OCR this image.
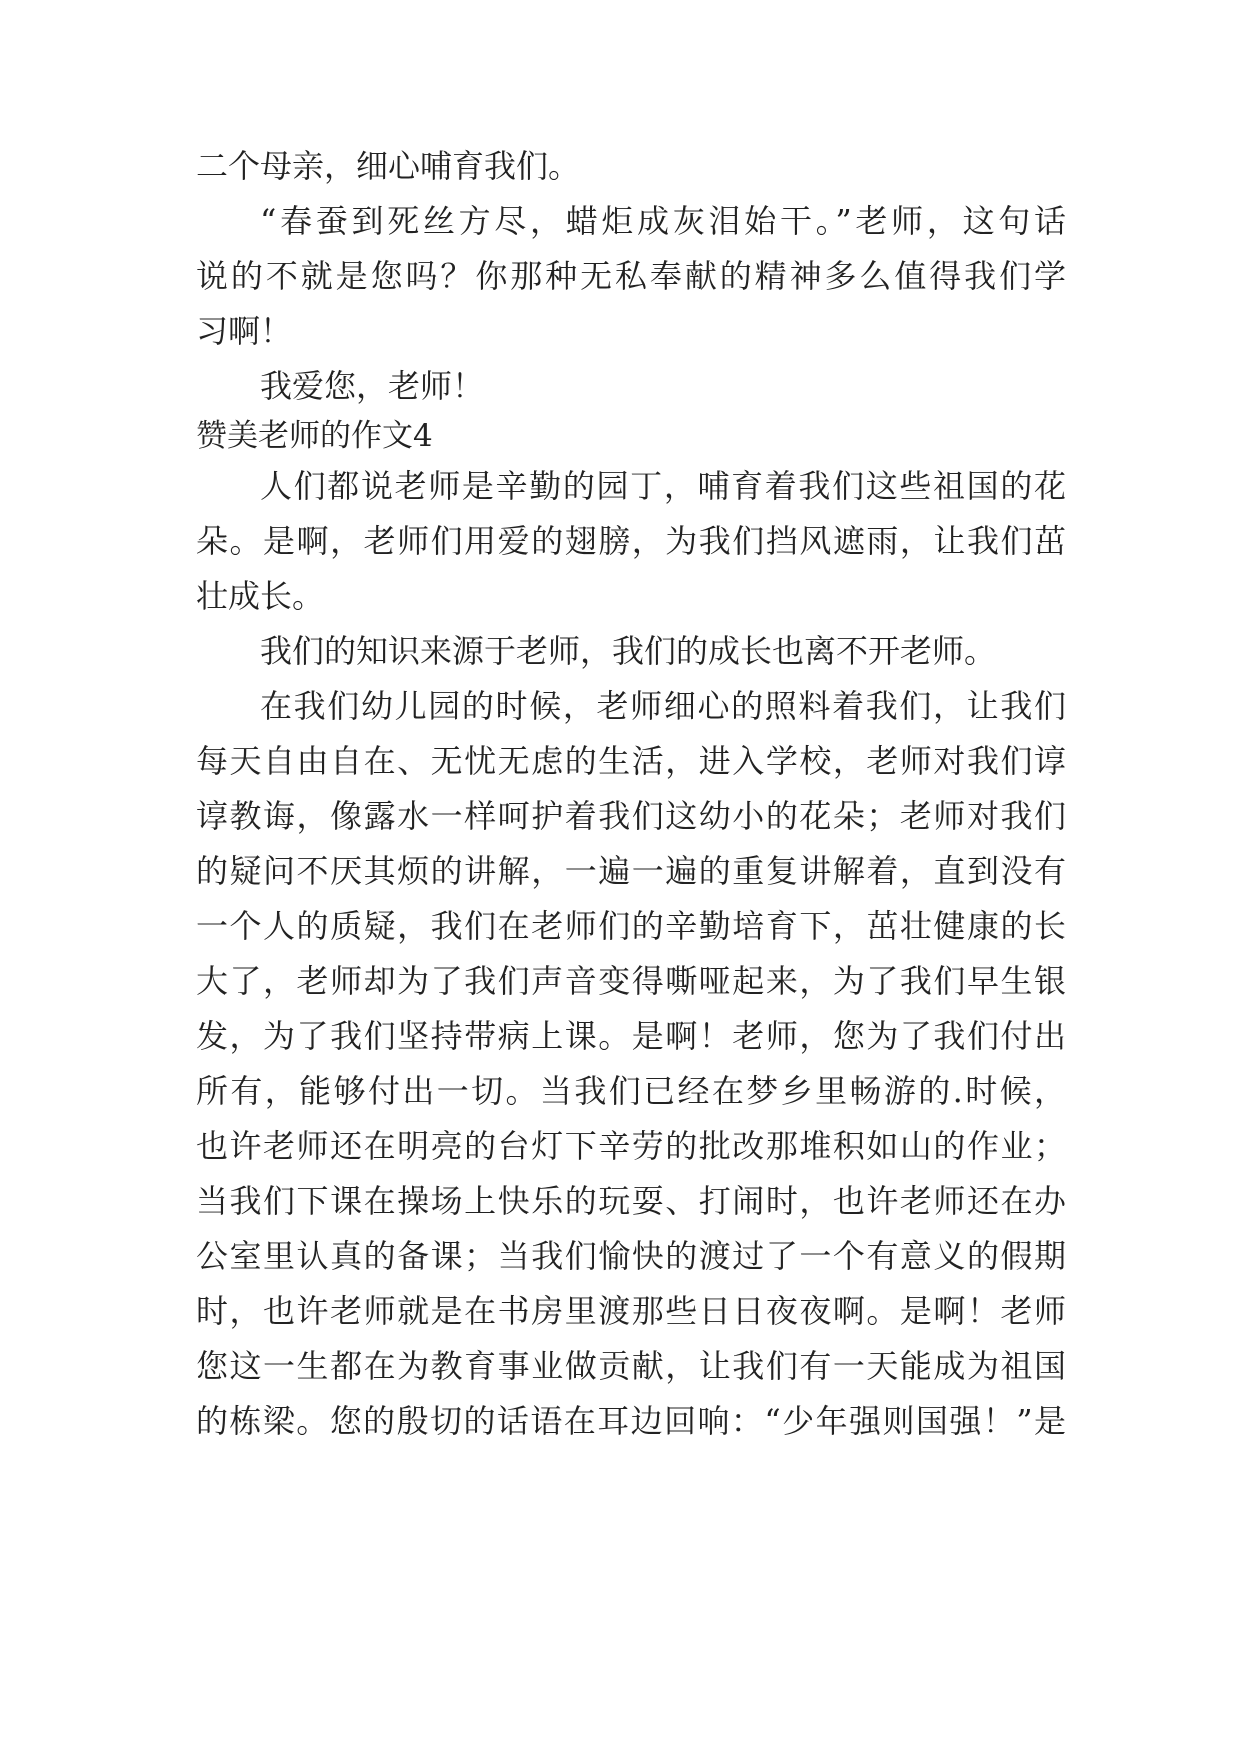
二个母亲，细心哺育我们。
“春蚕到死丝方尽，蜡炬成灰泪始干。”老师，这句话
说的不就是您吗？你那种无私奉献的精神多么值得我们学
习啊！
我爱您，老师！
赞美老师的作文4
人们都说老师是辛勤的园丁，哺育着我们这些祖国的花
朵。是啊，老师们用爱的翅膀，为我们挡风遮雨，让我们茁
壮成长。
我们的知识来源于老师，我们的成长也离不开老师。
在我们幼儿园的时候，老师细心的照料着我们，让我们
每天自由自在、无忧无虑的生活，进入学校，老师对我们谆
谆教诲，像露水一样呵护着我们这幼小的花朵；老师对我们
的疑问不厌其烦的讲解，一遍一遍的重复讲解着，直到没有
一个人的质疑，我们在老师们的辛勤培育下，茁壮健康的长
大了，老师却为了我们声音变得嘶哑起来，为了我们早生银
发，为了我们坚持带病上课。是啊！老师，您为了我们付出
所有，能够付出一切。当我们已经在梦乡里畅游的.时候，
也许老师还在明亮的台灯下辛劳的批改那堆积如山的作业；
当我们下课在操场上快乐的玩耍、打闹时，也许老师还在办
公室里认真的备课；当我们愉快的渡过了一个有意义的假期
时，也许老师就是在书房里渡那些日日夜夜啊。是啊！老师
您这一生都在为教育事业做贡献，让我们有一天能成为祖国
的栋梁。您的殷切的话语在耳边回响：“少年强则国强！”是
